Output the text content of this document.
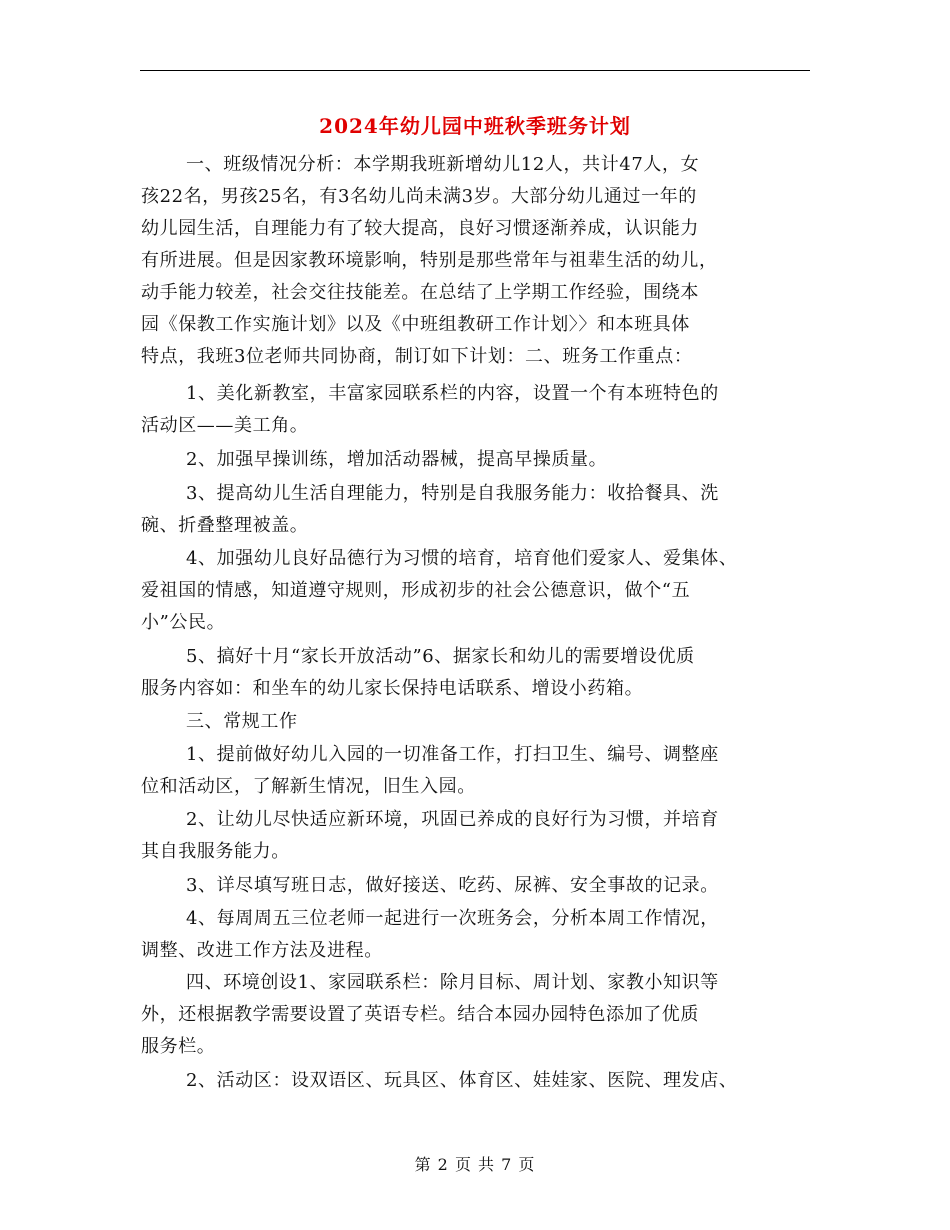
2024年幼儿园中班秋季班务计划
一、班级情况分析：本学期我班新增幼儿12人，共计47人，女
孩22名，男孩25名，有3名幼儿尚未满3岁。大部分幼儿通过一年的
幼儿园生活，自理能力有了较大提高，良好习惯逐渐养成，认识能力
有所进展。但是因家教环境影响，特别是那些常年与祖辈生活的幼儿，
动手能力较差，社会交往技能差。在总结了上学期工作经验，围绕本
园《保教工作实施计划》以及《中班组教研工作计划〉〉和本班具体
特点，我班3位老师共同协商，制订如下计划：二、班务工作重点：
1、美化新教室，丰富家园联系栏的内容，设置一个有本班特色的
活动区——美工角。
2、加强早操训练，增加活动器械，提高早操质量。
3、提高幼儿生活自理能力，特别是自我服务能力：收拾餐具、洗
碗、折叠整理被盖。
4、加强幼儿良好品德行为习惯的培育，培育他们爱家人、爱集体、
爱祖国的情感，知道遵守规则，形成初步的社会公德意识，做个“五
小”公民。
5、搞好十月“家长开放活动”6、据家长和幼儿的需要增设优质
服务内容如：和坐车的幼儿家长保持电话联系、增设小药箱。
三、常规工作
1、提前做好幼儿入园的一切准备工作，打扫卫生、编号、调整座
位和活动区，了解新生情况，旧生入园。
2、让幼儿尽快适应新环境，巩固已养成的良好行为习惯，并培育
其自我服务能力。
3、详尽填写班日志，做好接送、吃药、尿裤、安全事故的记录。
4、每周周五三位老师一起进行一次班务会，分析本周工作情况，
调整、改进工作方法及进程。
四、环境创设1、家园联系栏：除月目标、周计划、家教小知识等
外，还根据教学需要设置了英语专栏。结合本园办园特色添加了优质
服务栏。
2、活动区：设双语区、玩具区、体育区、娃娃家、医院、理发店、
第 2 页 共 7 页
